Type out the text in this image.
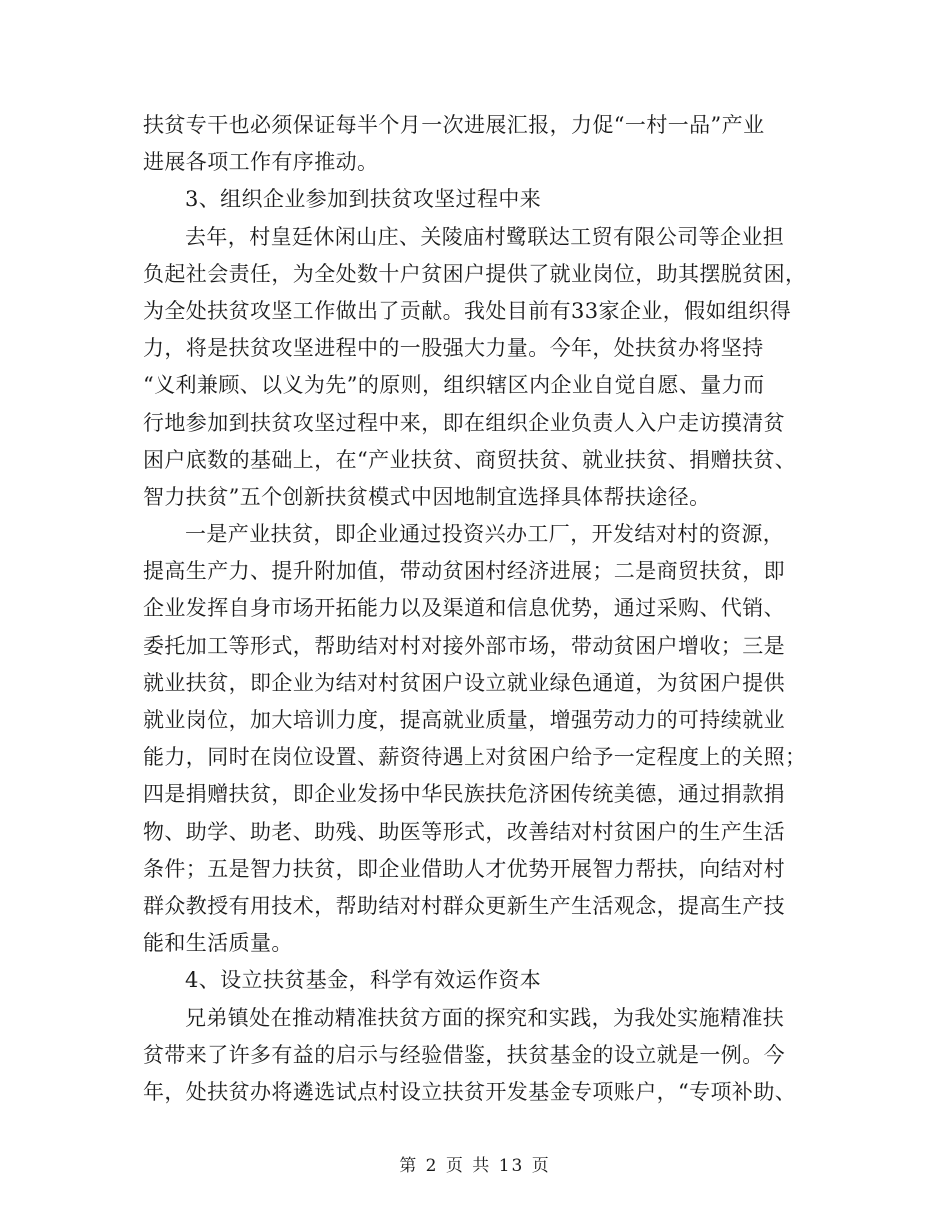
扶贫专干也必须保证每半个月一次进展汇报，力促“一村一品”产业
进展各项工作有序推动。
3、组织企业参加到扶贫攻坚过程中来
去年，村皇廷休闲山庄、关陵庙村鹭联达工贸有限公司等企业担
负起社会责任，为全处数十户贫困户提供了就业岗位，助其摆脱贫困，
为全处扶贫攻坚工作做出了贡献。我处目前有33家企业，假如组织得
力，将是扶贫攻坚进程中的一股强大力量。今年，处扶贫办将坚持
“义利兼顾、以义为先”的原则，组织辖区内企业自觉自愿、量力而
行地参加到扶贫攻坚过程中来，即在组织企业负责人入户走访摸清贫
困户底数的基础上，在“产业扶贫、商贸扶贫、就业扶贫、捐赠扶贫、
智力扶贫”五个创新扶贫模式中因地制宜选择具体帮扶途径。
一是产业扶贫，即企业通过投资兴办工厂，开发结对村的资源，
提高生产力、提升附加值，带动贫困村经济进展；二是商贸扶贫，即
企业发挥自身市场开拓能力以及渠道和信息优势，通过采购、代销、
委托加工等形式，帮助结对村对接外部市场，带动贫困户增收；三是
就业扶贫，即企业为结对村贫困户设立就业绿色通道，为贫困户提供
就业岗位，加大培训力度，提高就业质量，增强劳动力的可持续就业
能力，同时在岗位设置、薪资待遇上对贫困户给予一定程度上的关照；
四是捐赠扶贫，即企业发扬中华民族扶危济困传统美德，通过捐款捐
物、助学、助老、助残、助医等形式，改善结对村贫困户的生产生活
条件；五是智力扶贫，即企业借助人才优势开展智力帮扶，向结对村
群众教授有用技术，帮助结对村群众更新生产生活观念，提高生产技
能和生活质量。
4、设立扶贫基金，科学有效运作资本
兄弟镇处在推动精准扶贫方面的探究和实践，为我处实施精准扶
贫带来了许多有益的启示与经验借鉴，扶贫基金的设立就是一例。今
年，处扶贫办将遴选试点村设立扶贫开发基金专项账户，“专项补助、
第 2 页 共 13 页
